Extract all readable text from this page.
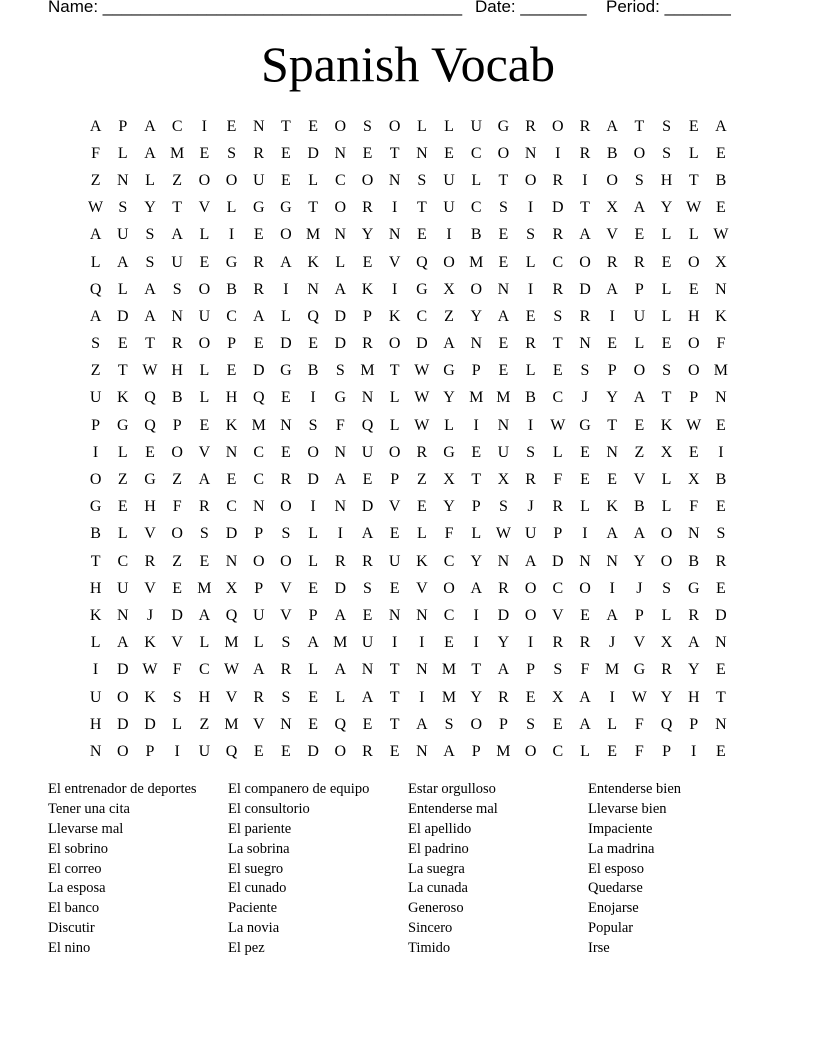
Name: ______________________________________

Date: _______

Period: _______

Spanish Vocab
A	P	A	C	I	E	N	T	E	O	S	O	L	L	U G	R	O	R	A	T	S	E	A
F	L	A M E	S	R	E	D N	E	T	N	E	C	O N	I	R	B	O	S	L	E
Z	N	L	Z	O O U	E	L	C	O N	S	U	L	T	O	R	I	O	S	H	T	B
W S	Y	T	V	L	G G	T	O	R	I	T	U	C	S	I	D	T	X A Y W E
A U	S	A	L	I	E	O M N Y N	E	I	B	E	S	R	A V	E	L	L W
L	A	S	U	E	G	R	A K	L	E	V Q O M E	L	C	O	R	R	E	O X
Q	L	A	S	O	B	R	I	N A K	I	G X O N	I	R	D A	P	L	E	N
A D A N U	C	A	L	Q D	P	K	C	Z	Y A	E	S	R	I	U	L	H K
S	E	T	R	O	P	E	D	E	D	R	O D A N	E	R	T	N	E	L	E	O	F
Z	T W H	L	E	D G	B	S M T W G	P	E	L	E	S	P	O	S	O M
U K Q	B	L	H Q	E	I	G N	L W Y M M B	C	J	Y A	T	P	N
P	G Q	P	E	K M N	S	F	Q	L W L	I	N	I	W G	T	E	K W E
I	L	E	O V N	C	E	O N U O	R	G	E	U	S	L	E	N	Z	X	E	I
O	Z	G	Z	A	E	C	R	D A	E	P	Z	X	T	X	R	F	E	E	V	L	X	B
G	E	H	F	R	C	N O	I	N D V	E	Y	P	S	J	R	L	K	B	L	F	E
B	L	V O	S	D	P	S	L	I	A	E	L	F	L W U	P	I	A A O N	S
T	C	R	Z	E	N O O	L	R	R	U K	C	Y N A D N N Y O	B	R
H U V	E M X	P	V	E	D	S	E	V O A	R	O	C	O	I	J	S	G	E
K N	J	D A Q U V	P	A	E	N N	C	I	D O V	E	A	P	L	R	D
L	A K V	L M L	S	A M U	I	I	E	I	Y	I	R	R	J	V X A N
I	D W F	C W A	R	L	A N	T	N M T	A	P	S	F M G	R	Y	E
U O K	S	H V	R	S	E	L	A	T	I	M Y	R	E	X A	I	W Y H	T
H D D	L	Z M V N	E	Q	E	T	A	S	O	P	S	E	A	L	F	Q	P	N
N O	P	I	U Q	E	E	D O	R	E	N A	P M O	C	L	E	F	P	I	E
El entrenador de deportes
Tener una cita
Llevarse mal
El sobrino
El correo
La esposa
El banco
Discutir
El nino
El companero de equipo
El consultorio
El pariente
La sobrina
El suegro
El cunado
Paciente
La novia
El pez
Estar orgulloso
Entenderse mal
El apellido
El padrino
La suegra
La cunada
Generoso
Sincero
Timido
Entenderse bien
Llevarse bien
Impaciente
La madrina
El esposo
Quedarse
Enojarse
Popular
Irse
